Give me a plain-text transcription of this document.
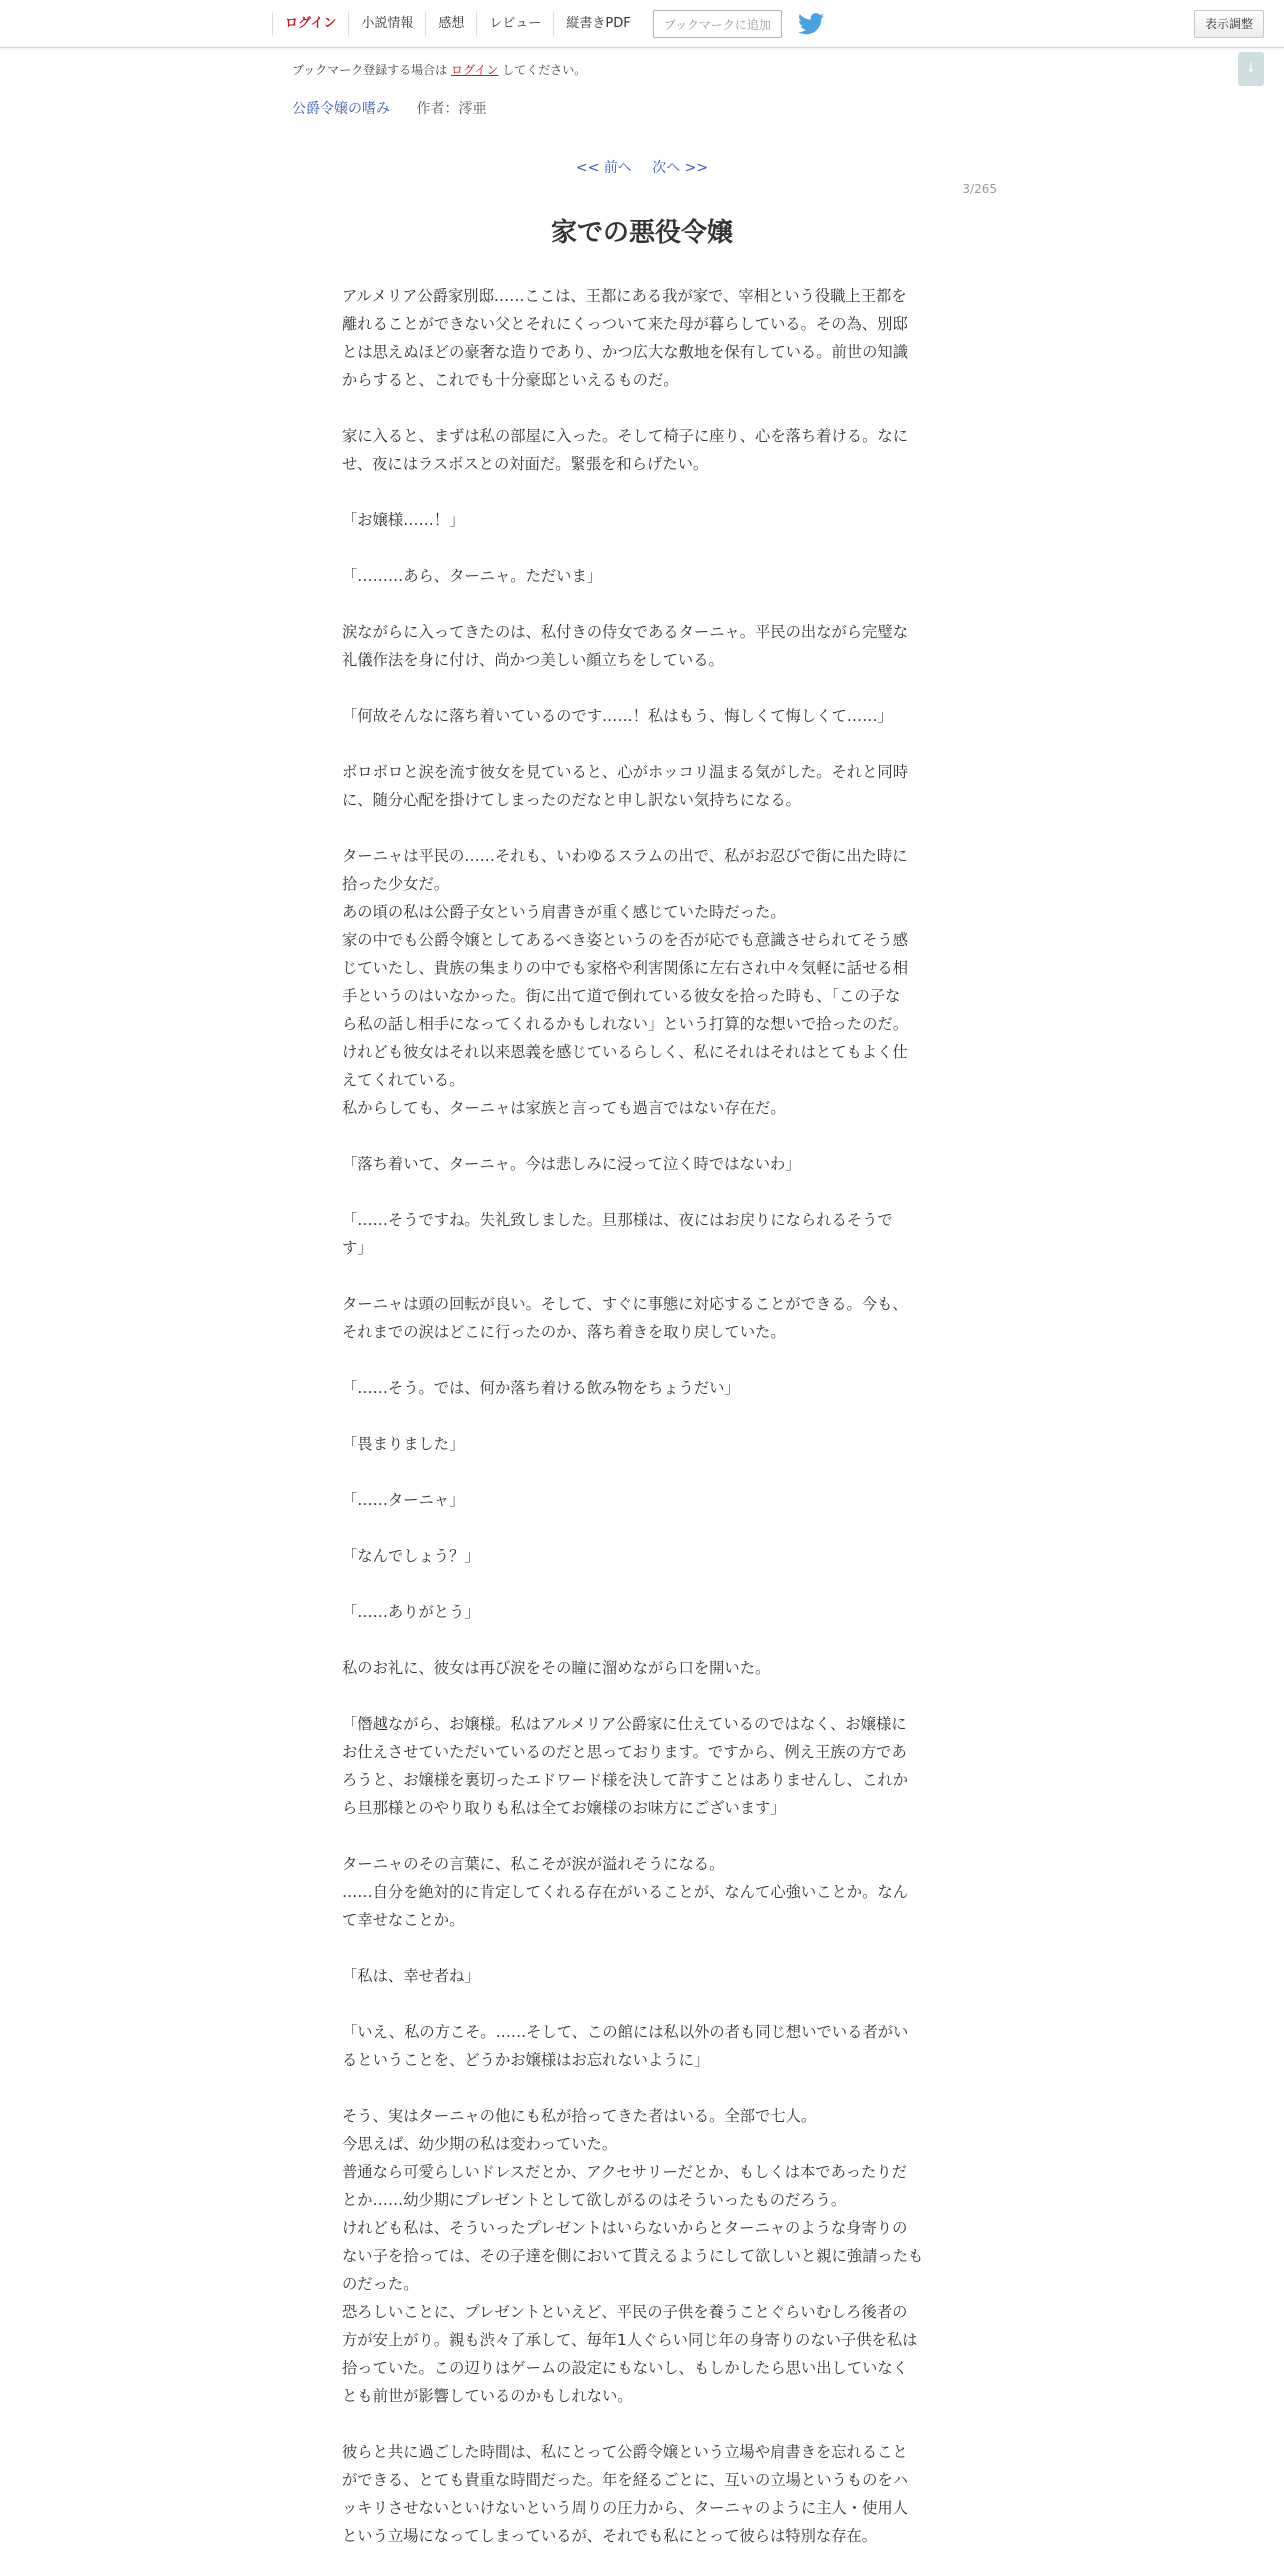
ログイン	小説情報	感想	レビュー	縦書きPDF	ブックマークに追加	表示調整
↓
ブックマーク登録する場合は ログイン してください。
公爵令嬢の嗜み 作者：澪亜
<< 前へ 次へ >>
3/265
家での悪役令嬢

アルメリア公爵家別邸……ここは、王都にある我が家で、宰相という役職上王都を

離れることができない父とそれにくっついて来た母が暮らしている。その為、別邸

とは思えぬほどの豪奢な造りであり、かつ広大な敷地を保有している。前世の知識

からすると、これでも十分豪邸といえるものだ。

家に入ると、まずは私の部屋に入った。そして椅子に座り、心を落ち着ける。なに

せ、夜にはラスボスとの対面だ。緊張を和らげたい。

「お嬢様……！」

「………あら、ターニャ。ただいま」

涙ながらに入ってきたのは、私付きの侍女であるターニャ。平民の出ながら完璧な

礼儀作法を身に付け、尚かつ美しい顔立ちをしている。

「何故そんなに落ち着いているのです……！私はもう、悔しくて悔しくて……」

ボロボロと涙を流す彼女を見ていると、心がホッコリ温まる気がした。それと同時

に、随分心配を掛けてしまったのだなと申し訳ない気持ちになる。

ターニャは平民の……それも、いわゆるスラムの出で、私がお忍びで街に出た時に

拾った少女だ。

あの頃の私は公爵子女という肩書きが重く感じていた時だった。

家の中でも公爵令嬢としてあるべき姿というのを否が応でも意識させられてそう感

じていたし、貴族の集まりの中でも家格や利害関係に左右され中々気軽に話せる相

手というのはいなかった。街に出て道で倒れている彼女を拾った時も、「この子な

ら私の話し相手になってくれるかもしれない」という打算的な想いで拾ったのだ。

けれども彼女はそれ以来恩義を感じているらしく、私にそれはそれはとてもよく仕

えてくれている。

私からしても、ターニャは家族と言っても過言ではない存在だ。

「落ち着いて、ターニャ。今は悲しみに浸って泣く時ではないわ」

「……そうですね。失礼致しました。旦那様は、夜にはお戻りになられるそうで

す」

ターニャは頭の回転が良い。そして、すぐに事態に対応することができる。今も、

それまでの涙はどこに行ったのか、落ち着きを取り戻していた。

「……そう。では、何か落ち着ける飲み物をちょうだい」

「畏まりました」

「……ターニャ」

「なんでしょう？」

「……ありがとう」

私のお礼に、彼女は再び涙をその瞳に溜めながら口を開いた。

「僭越ながら、お嬢様。私はアルメリア公爵家に仕えているのではなく、お嬢様に

お仕えさせていただいているのだと思っております。ですから、例え王族の方であ

ろうと、お嬢様を裏切ったエドワード様を決して許すことはありませんし、これか

ら旦那様とのやり取りも私は全てお嬢様のお味方にございます」

ターニャのその言葉に、私こそが涙が溢れそうになる。

……自分を絶対的に肯定してくれる存在がいることが、なんて心強いことか。なん

て幸せなことか。

「私は、幸せ者ね」

「いえ、私の方こそ。……そして、この館には私以外の者も同じ想いでいる者がい

るということを、どうかお嬢様はお忘れないように」

そう、実はターニャの他にも私が拾ってきた者はいる。全部で七人。

今思えば、幼少期の私は変わっていた。

普通なら可愛らしいドレスだとか、アクセサリーだとか、もしくは本であったりだ

とか……幼少期にプレゼントとして欲しがるのはそういったものだろう。

けれども私は、そういったプレゼントはいらないからとターニャのような身寄りの

ない子を拾っては、その子達を側において貰えるようにして欲しいと親に強請ったも

のだった。

恐ろしいことに、プレゼントといえど、平民の子供を養うことぐらいむしろ後者の

方が安上がり。親も渋々了承して、毎年1人ぐらい同じ年の身寄りのない子供を私は

拾っていた。この辺りはゲームの設定にもないし、もしかしたら思い出していなく

とも前世が影響しているのかもしれない。

彼らと共に過ごした時間は、私にとって公爵令嬢という立場や肩書きを忘れること

ができる、とても貴重な時間だった。年を経るごとに、互いの立場というものをハ

ッキリさせないといけないという周りの圧力から、ターニャのように主人・使用人

という立場になってしまっているが、それでも私にとって彼らは特別な存在。
